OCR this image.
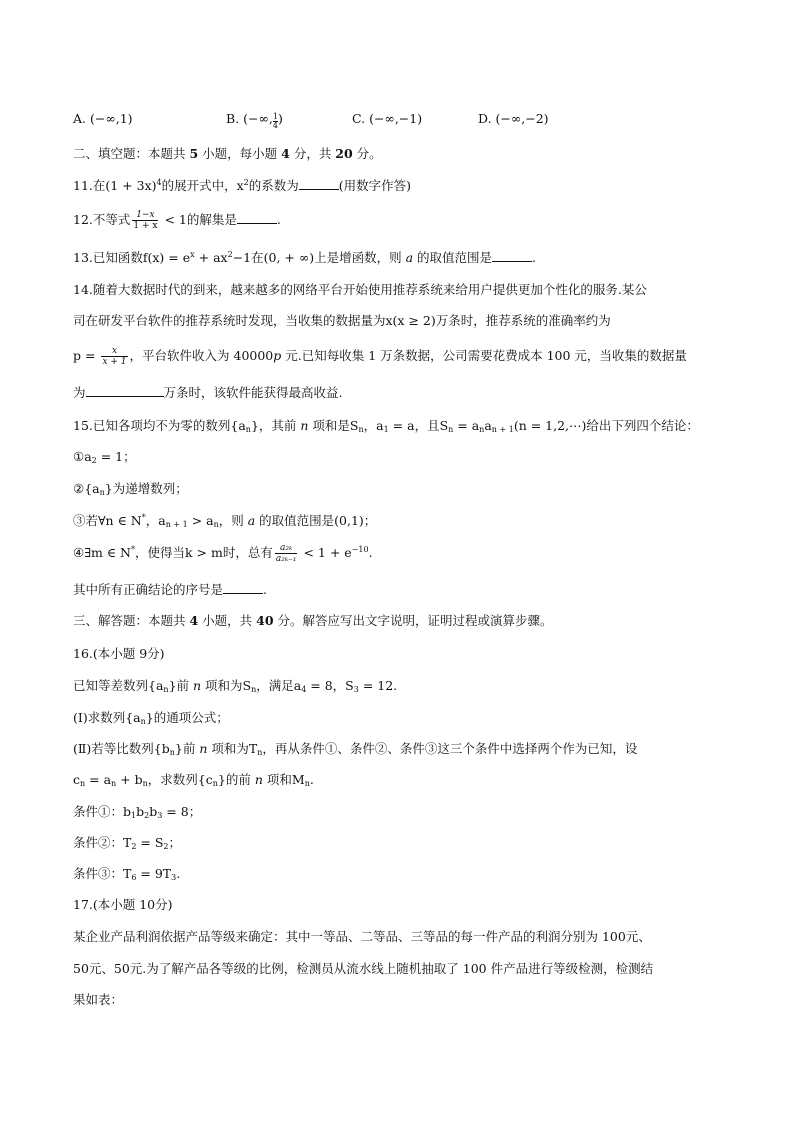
A. (−∞,1)	B. (−∞, $\frac{1}{4}$ )	C. (−∞,−1)	D. (−∞,−2)
二、填空题：本题共 5 小题，每小题 4 分，共 20 分。
11.在$(1 + 3x)^4$的展开式中，$x^2$的系数为	(用数字作答)
12.不等式 $\frac{1-x}{1 + x} < 1$的解集是	.
13.已知函数$f(x) = e^x + ax^2-1$在(0, + ∞)上是增函数，则 a 的取值范围是	.
14.随着大数据时代的到来，越来越多的网络平台开始使用推荐系统来给用户提供更加个性化的服务.某公
司在研发平台软件的推荐系统时发现，当收集的数据量为x(x ≥ 2)万条时，推荐系统的准确率约为
$p = \frac{x}{x + 1}$ ，平台软件收入为 40000p 元.已知每收集 1 万条数据，公司需要花费成本 100 元，当收集的数据量
为	万条时，该软件能获得最高收益.
15.已知各项均不为零的数列$\{a_n\}$，其前 n 项和是$S_n$，$a_1 = a$，且$S_n = a_na_{n + 1}(n$ = 1,2,⋯)给出下列四个结论：
$①a_2 = 1$；
$②\{a_n\}$为递增数列；
③若∀n ∈ N*，$a_{n + 1} > a_n$，则 a 的取值范围是(0,1)；
④∃m ∈ N*，使得当k > m时，总有 $\frac{\text{a₂ₖ}}{\text{a₂ₖ₋₁}} < 1 + e^{-10}$.
其中所有正确结论的序号是	.
三、解答题：本题共 4 小题，共 40 分。解答应写出文字说明，证明过程或演算步骤。
16.(本小题 9分)
已知等差数列$\{a_n\}$前 n 项和为$S_n$，满足$a_4 = 8$，$S_3 = 12$.
(Ⅰ)求数列$\{a_n\}$的通项公式；
(Ⅱ)若等比数列$\{b_n\}$前 n 项和为$T_n$，再从条件①、条件②、条件③这三个条件中选择两个作为已知，设
$c_n = a_n + b_n$，求数列$\{c_n\}$的前 n 项和$M_n$.
条件①：$b_1b_2b_3 = 8$；
条件②：$T_2 = S_2$；
条件③：$T_6 = 9T_3$.
17.(本小题 10分)
某企业产品利润依据产品等级来确定：其中一等品、二等品、三等品的每一件产品的利润分别为 100元、
50元、50元.为了解产品各等级的比例，检测员从流水线上随机抽取了 100 件产品进行等级检测，检测结
果如表：
